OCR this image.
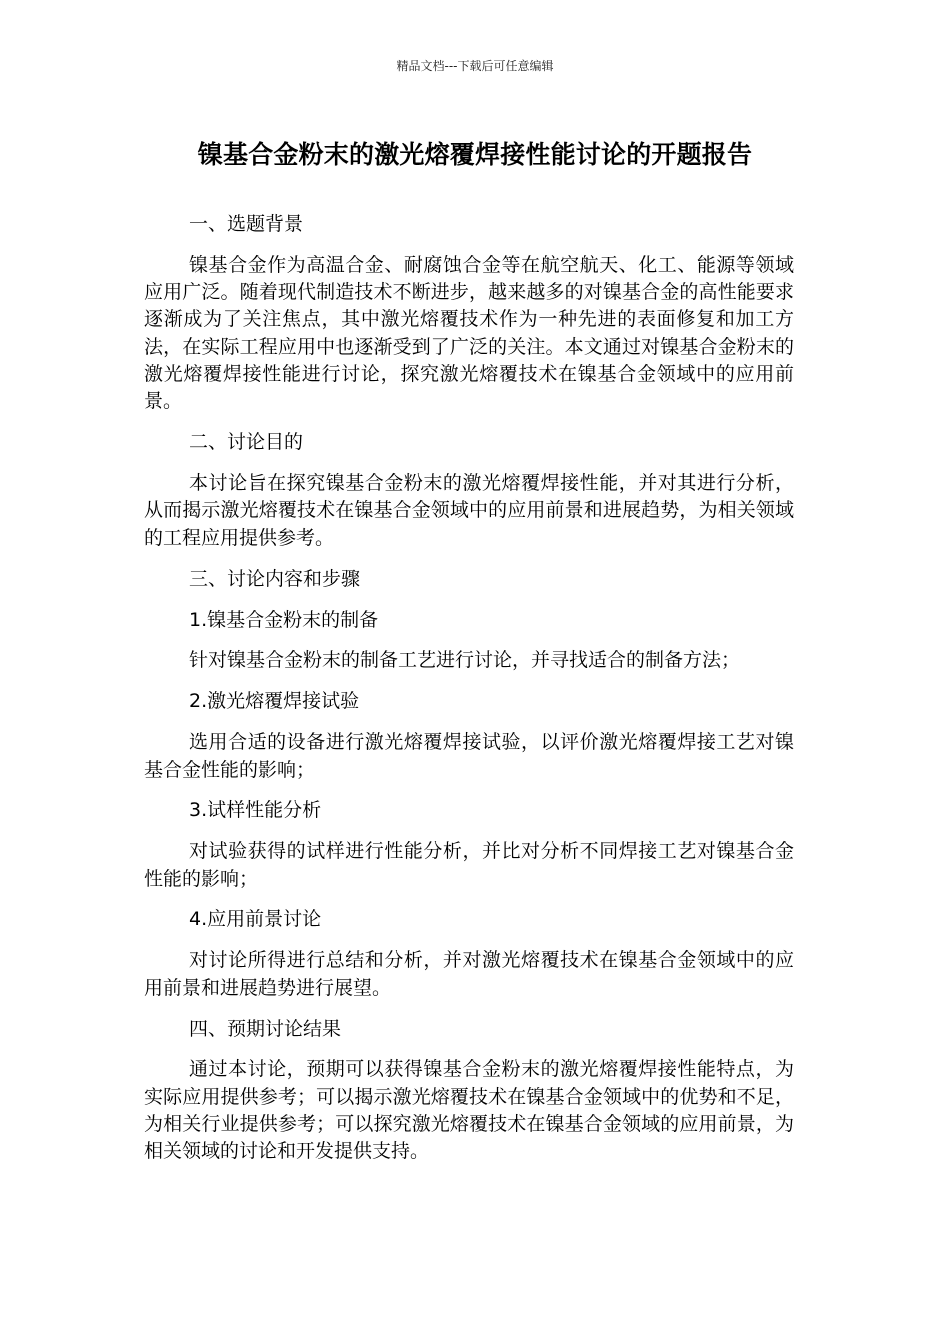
精品文档---下载后可任意编辑
镍基合金粉末的激光熔覆焊接性能讨论的开题报告

一、选题背景

镍基合金作为高温合金、耐腐蚀合金等在航空航天、化工、能源等领域应用广泛。随着现代制造技术不断进步，越来越多的对镍基合金的高性能要求逐渐成为了关注焦点，其中激光熔覆技术作为一种先进的表面修复和加工方法，在实际工程应用中也逐渐受到了广泛的关注。本文通过对镍基合金粉末的激光熔覆焊接性能进行讨论，探究激光熔覆技术在镍基合金领域中的应用前景。

二、讨论目的

本讨论旨在探究镍基合金粉末的激光熔覆焊接性能，并对其进行分析，从而揭示激光熔覆技术在镍基合金领域中的应用前景和进展趋势，为相关领域的工程应用提供参考。

三、讨论内容和步骤

1.镍基合金粉末的制备

针对镍基合金粉末的制备工艺进行讨论，并寻找适合的制备方法；

2.激光熔覆焊接试验

选用合适的设备进行激光熔覆焊接试验，以评价激光熔覆焊接工艺对镍基合金性能的影响；

3.试样性能分析

对试验获得的试样进行性能分析，并比对分析不同焊接工艺对镍基合金性能的影响；

4.应用前景讨论

对讨论所得进行总结和分析，并对激光熔覆技术在镍基合金领域中的应用前景和进展趋势进行展望。

四、预期讨论结果

通过本讨论，预期可以获得镍基合金粉末的激光熔覆焊接性能特点，为实际应用提供参考；可以揭示激光熔覆技术在镍基合金领域中的优势和不足，为相关行业提供参考；可以探究激光熔覆技术在镍基合金领域的应用前景，为相关领域的讨论和开发提供支持。
